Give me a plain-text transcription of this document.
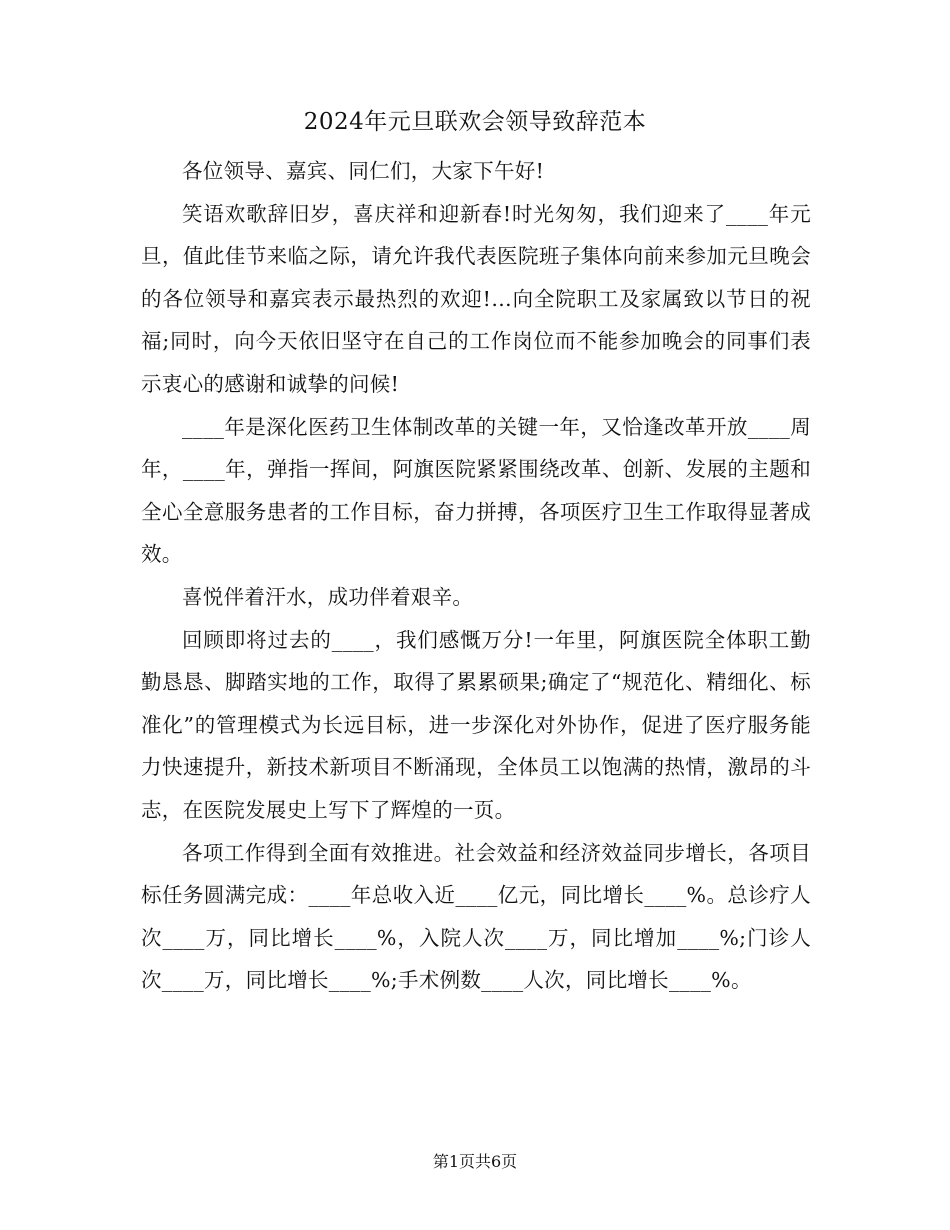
2024年元旦联欢会领导致辞范本

各位领导、嘉宾、同仁们，大家下午好!

笑语欢歌辞旧岁，喜庆祥和迎新春!时光匆匆，我们迎来了____年元旦，值此佳节来临之际，请允许我代表医院班子集体向前来参加元旦晚会的各位领导和嘉宾表示最热烈的欢迎!…向全院职工及家属致以节日的祝福;同时，向今天依旧坚守在自己的工作岗位而不能参加晚会的同事们表示衷心的感谢和诚挚的问候!

____年是深化医药卫生体制改革的关键一年，又恰逢改革开放____周年，____年，弹指一挥间，阿旗医院紧紧围绕改革、创新、发展的主题和全心全意服务患者的工作目标，奋力拼搏，各项医疗卫生工作取得显著成效。

喜悦伴着汗水，成功伴着艰辛。

回顾即将过去的____，我们感慨万分!一年里，阿旗医院全体职工勤勤恳恳、脚踏实地的工作，取得了累累硕果;确定了“规范化、精细化、标准化”的管理模式为长远目标，进一步深化对外协作，促进了医疗服务能力快速提升，新技术新项目不断涌现，全体员工以饱满的热情，激昂的斗志，在医院发展史上写下了辉煌的一页。

各项工作得到全面有效推进。社会效益和经济效益同步增长，各项目标任务圆满完成：____年总收入近____亿元，同比增长____%。总诊疗人次____万，同比增长____%，入院人次____万，同比增加____%;门诊人次____万，同比增长____%;手术例数____人次，同比增长____%。

第1页共6页
